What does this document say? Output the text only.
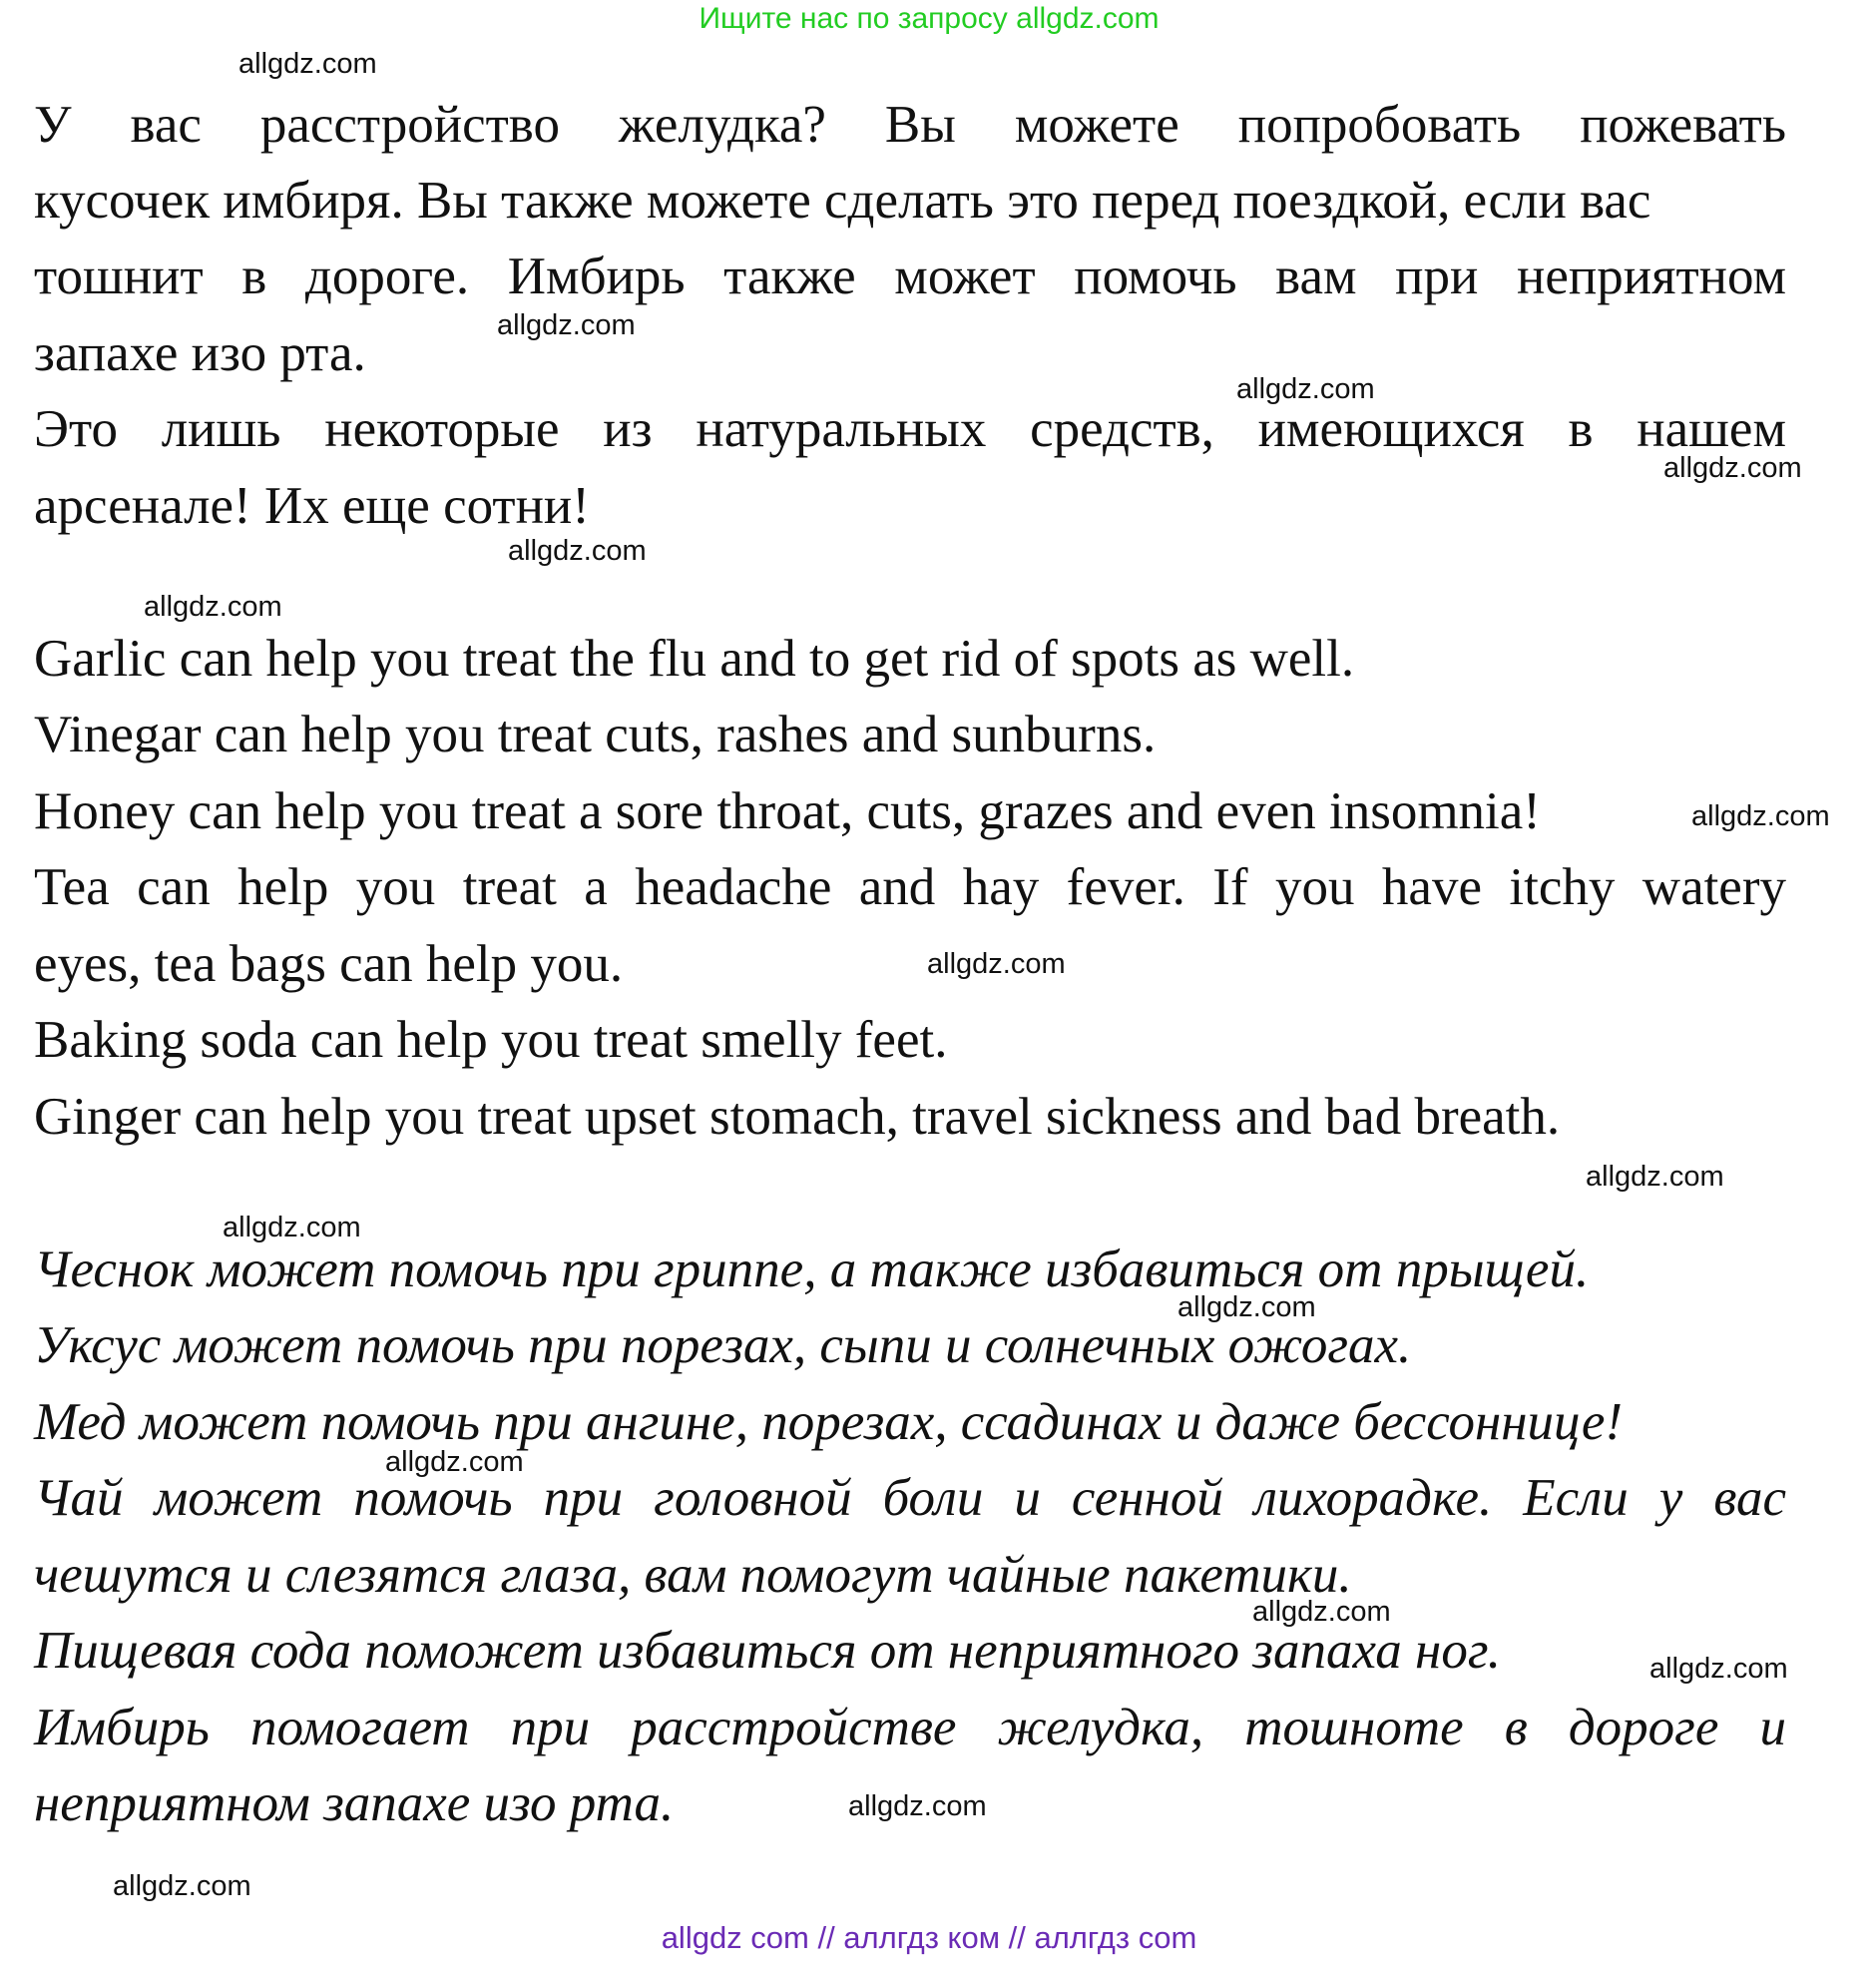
Ищите нас по запросу allgdz.com
У вас расстройство желудка? Вы можете попробовать пожевать
кусочек имбиря. Вы также можете сделать это перед поездкой, если вас
тошнит в дороге. Имбирь также может помочь вам при неприятном
запахе изо рта.
Это лишь некоторые из натуральных средств, имеющихся в нашем
арсенале! Их еще сотни!
Garlic can help you treat the flu and to get rid of spots as well.
Vinegar can help you treat cuts, rashes and sunburns.
Honey can help you treat a sore throat, cuts, grazes and even insomnia!
Tea can help you treat a headache and hay fever. If you have itchy watery
eyes, tea bags can help you.
Baking soda can help you treat smelly feet.
Ginger can help you treat upset stomach, travel sickness and bad breath.
Чеснок может помочь при гриппе, а также избавиться от прыщей.
Уксус может помочь при порезах, сыпи и солнечных ожогах.
Мед может помочь при ангине, порезах, ссадинах и даже бессоннице!
Чай может помочь при головной боли и сенной лихорадке. Если у вас
чешутся и слезятся глаза, вам помогут чайные пакетики.
Пищевая сода поможет избавиться от неприятного запаха ног.
Имбирь помогает при расстройстве желудка, тошноте в дороге и
неприятном запахе изо рта.
allgdz.com
allgdz.com
allgdz.com
allgdz.com
allgdz.com
allgdz.com
allgdz.com
allgdz.com
allgdz.com
allgdz.com
allgdz.com
allgdz.com
allgdz.com
allgdz.com
allgdz.com
allgdz.com
allgdz com // аллгдз ком // аллгдз com
